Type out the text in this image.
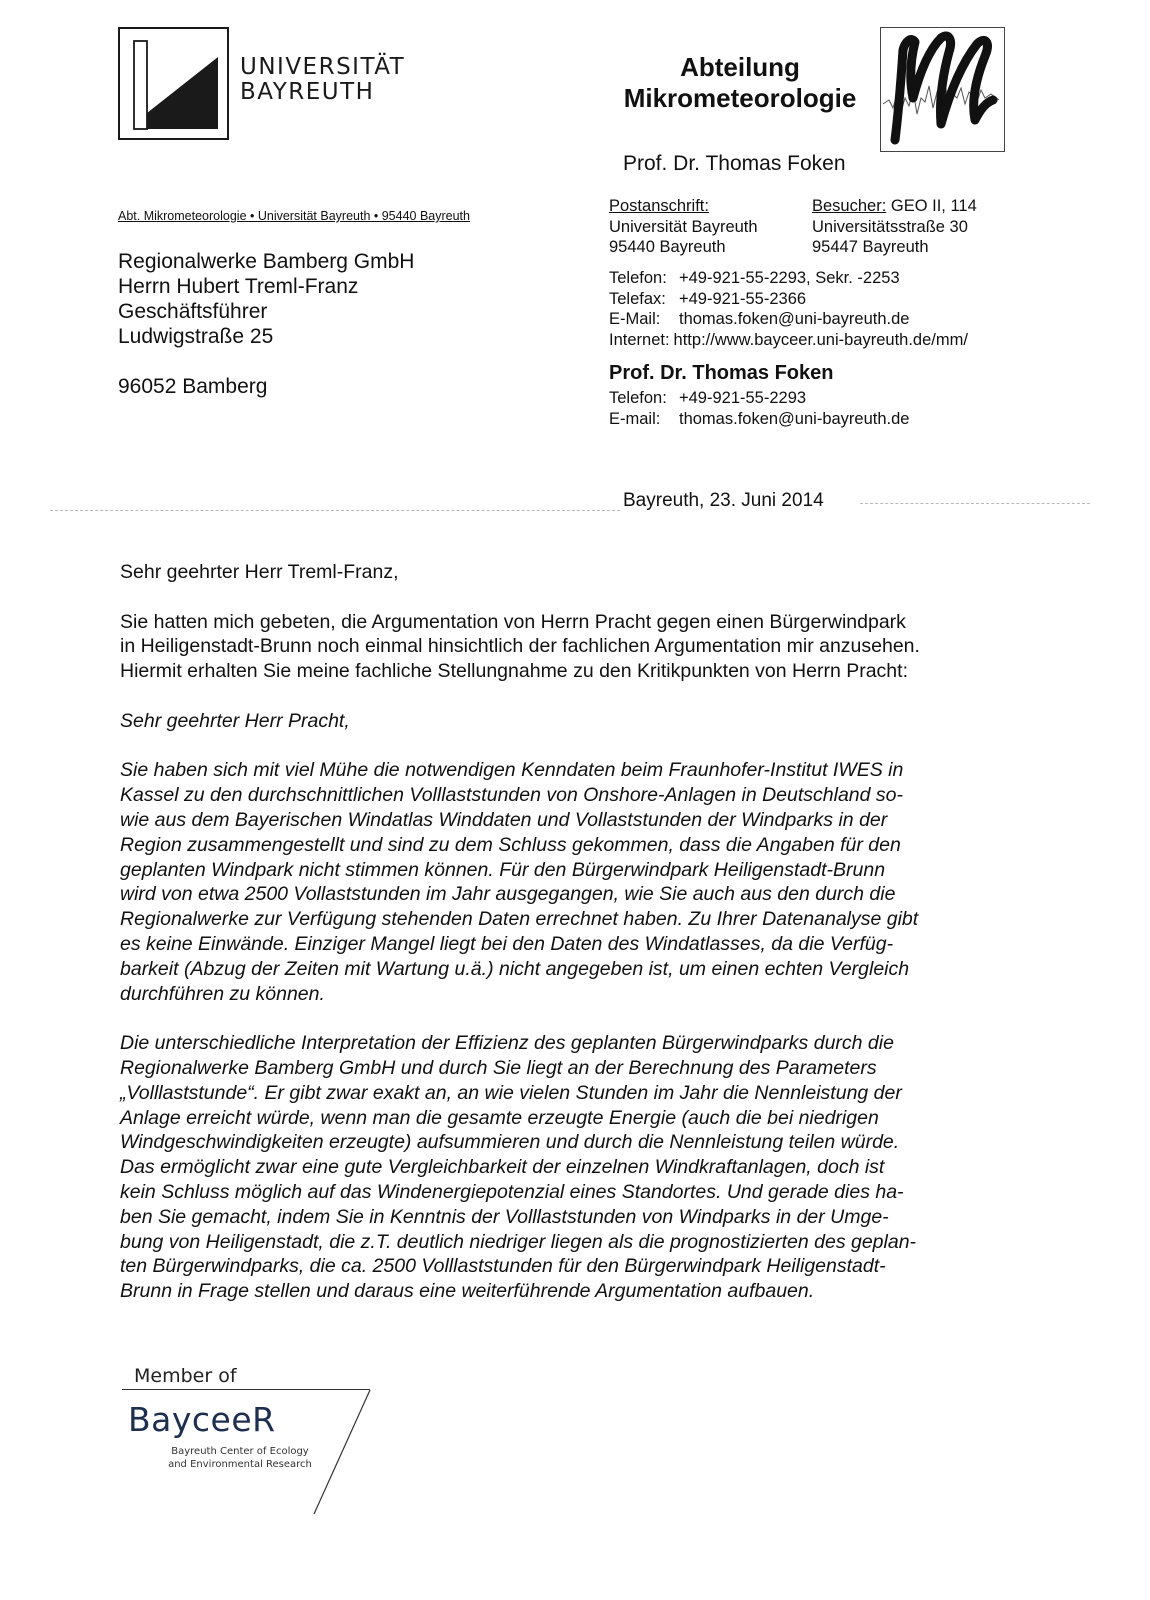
UNIVERSITÄT
BAYREUTH
Abteilung
Mikrometeorologie
Prof. Dr. Thomas Foken
Abt. Mikrometeorologie • Universität Bayreuth • 95440 Bayreuth
Regionalwerke Bamberg GmbH
Herrn Hubert Treml-Franz
Geschäftsführer
Ludwigstraße 25
96052 Bamberg
Postanschrift:
Universität Bayreuth
95440 Bayreuth
Besucher: GEO II, 114
Universitätsstraße 30
95447 Bayreuth
Telefon: +49-921-55-2293, Sekr. -2253
Telefax: +49-921-55-2366
E-Mail:	thomas.foken@uni-bayreuth.de
Internet: http://www.bayceer.uni-bayreuth.de/mm/
Prof. Dr. Thomas Foken
Telefon: +49-921-55-2293
E-mail:	thomas.foken@uni-bayreuth.de
Bayreuth, 23. Juni 2014

Sehr geehrter Herr Treml-Franz,

Sie hatten mich gebeten, die Argumentation von Herrn Pracht gegen einen Bürgerwindpark
in Heiligenstadt-Brunn noch einmal hinsichtlich der fachlichen Argumentation mir anzusehen.
Hiermit erhalten Sie meine fachliche Stellungnahme zu den Kritikpunkten von Herrn Pracht:

Sehr geehrter Herr Pracht,

Sie haben sich mit viel Mühe die notwendigen Kenndaten beim Fraunhofer-Institut IWES in
Kassel zu den durchschnittlichen Volllaststunden von Onshore-Anlagen in Deutschland so-
wie aus dem Bayerischen Windatlas Winddaten und Vollaststunden der Windparks in der
Region zusammengestellt und sind zu dem Schluss gekommen, dass die Angaben für den
geplanten Windpark nicht stimmen können. Für den Bürgerwindpark Heiligenstadt-Brunn
wird von etwa 2500 Vollaststunden im Jahr ausgegangen, wie Sie auch aus den durch die
Regionalwerke zur Verfügung stehenden Daten errechnet haben. Zu Ihrer Datenanalyse gibt
es keine Einwände. Einziger Mangel liegt bei den Daten des Windatlasses, da die Verfüg-
barkeit (Abzug der Zeiten mit Wartung u.ä.) nicht angegeben ist, um einen echten Vergleich
durchführen zu können.

Die unterschiedliche Interpretation der Effizienz des geplanten Bürgerwindparks durch die
Regionalwerke Bamberg GmbH und durch Sie liegt an der Berechnung des Parameters
„Volllaststunde“. Er gibt zwar exakt an, an wie vielen Stunden im Jahr die Nennleistung der
Anlage erreicht würde, wenn man die gesamte erzeugte Energie (auch die bei niedrigen
Windgeschwindigkeiten erzeugte) aufsummieren und durch die Nennleistung teilen würde.
Das ermöglicht zwar eine gute Vergleichbarkeit der einzelnen Windkraftanlagen, doch ist
kein Schluss möglich auf das Windenergiepotenzial eines Standortes. Und gerade dies ha-
ben Sie gemacht, indem Sie in Kenntnis der Volllaststunden von Windparks in der Umge-
bung von Heiligenstadt, die z.T. deutlich niedriger liegen als die prognostizierten des geplan-
ten Bürgerwindparks, die ca. 2500 Volllaststunden für den Bürgerwindpark Heiligenstadt-
Brunn in Frage stellen und daraus eine weiterführende Argumentation aufbauen.

Member of
BayceeR
Bayreuth Center of Ecology
and Environmental Research
